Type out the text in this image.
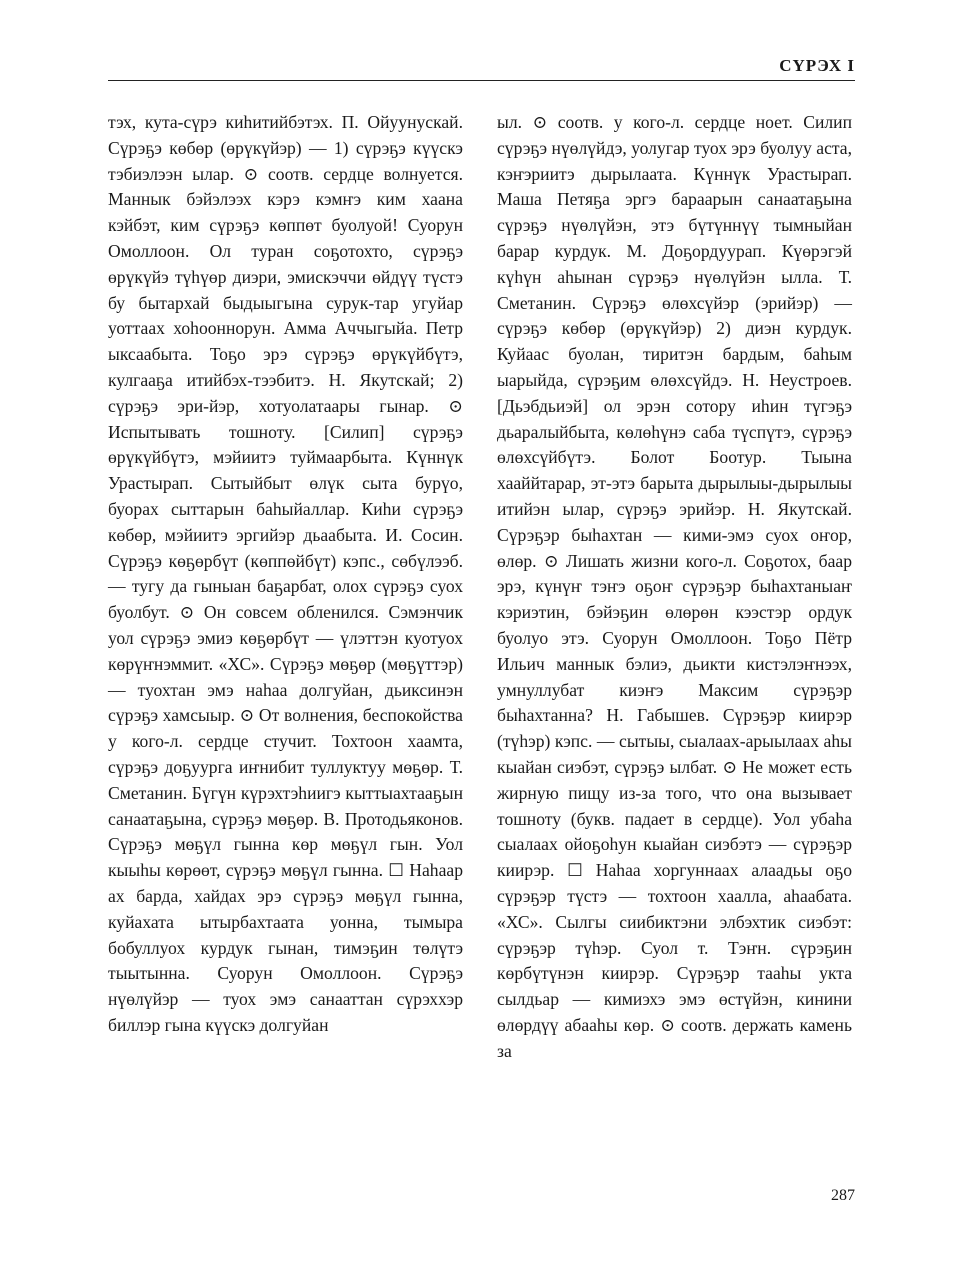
СҮРЭХ I

тэх, кута-сүрэ киһитийбэтэх. П. Ойуунускай. Сүрэҕэ көбөр (өрүкүйэр) — 1) сүрэҕэ күүскэ тэбиэлээн ылар. ⊙ соотв. сердце волнуется. Маннык бэйэлээх кэрэ кэмҥэ ким хаана кэйбэт, ким сүрэҕэ көппөт буолуой! Суорун Омоллоон. Ол туран соҕотохто, сүрэҕэ өрүкүйэ түһүөр диэри, эмискэччи өйдүү түстэ бу бытархай быдыыгына сурук-тар угуйар уоттаах хоһооннорун. Амма Аччыгыйа. Петр ыксаабыта. Тоҕо эрэ сүрэҕэ өрүкүйбүтэ, кулгааҕа итийбэх-тээбитэ. Н. Якутскай; 2) сүрэҕэ эри-йэр, хотуолатаары гынар. ⊙ Испытывать тошноту. [Силип] сүрэҕэ өрүкүйбүтэ, мэйиитэ туймаарбыта. Күннүк Урастырап. Сытыйбыт өлүк сыта бурүо, буорах сыттарын баһыйаллар. Киһи сүрэҕэ көбөр, мэйиитэ эргийэр дьаабыта. И. Сосин. Сүрэҕэ көҕөрбүт (көппөйбүт) кэпс., сөбүлээб. — тугу да гыныан баҕарбат, олох сүрэҕэ суох буолбут. ⊙ Он совсем обленился. Сэмэнчик уол сүрэҕэ эмиэ көҕөрбүт — үлэттэн куотуох көрүҥнэммит. «ХС». Сүрэҕэ мөҕөр (мөҕүттэр) — туохтан эмэ наһаа долгуйан, дьиксинэн сүрэҕэ хамсыыр. ⊙ От волнения, беспокойства у кого-л. сердце стучит. Тохтоон хаамта, сүрэҕэ доҕуурга иҥнибит туллуктуу мөҕөр. Т. Сметанин. Бүгүн күрэхтэһиигэ кыттыахтааҕын санаатаҕына, сүрэҕэ мөҕөр. В. Протодьяконов. Сүрэҕэ мөҕүл гынна көр мөҕүл гын. Уол кыыһы көрөөт, сүрэҕэ мөҕүл гынна. ☐ Наһаар ах барда, хайдах эрэ сүрэҕэ мөҕүл гынна, куйахата ытырбахтаата уонна, тымыра бобуллуох курдук гынан, тимэҕин төлүтэ тыытынна. Суорун Омоллоон. Сүрэҕэ нүөлүйэр — туох эмэ санааттан сүрэххэр биллэр гына күүскэ долгуйан

ыл. ⊙ соотв. у кого-л. сердце ноет. Силип сүрэҕэ нүөлүйдэ, уолугар туох эрэ буолуу аста, кэҥэриитэ дырылаата. Күннүк Урастырап. Маша Петяҕа эргэ бараарын санаатаҕына сүрэҕэ нүөлүйэн, этэ бүтүннүү тымныйан барар курдук. М. Доҕордуурап. Күөрэгэй күһүн аһынан сүрэҕэ нүөлүйэн ылла. Т. Сметанин. Сүрэҕэ өлөхсүйэр (эрийэр) — сүрэҕэ көбөр (өрүкүйэр) 2) диэн курдук. Куйаас буолан, тиритэн бардым, баһым ыарыйда, сүрэҕим өлөхсүйдэ. Н. Неустроев. [Дьэбдьиэй] ол эрэн сотору иһин түгэҕэ дьаралыйбыта, көлөһүнэ саба түспүтэ, сүрэҕэ өлөхсүйбүтэ. Болот Боотур. Тыына хааййтарар, эт-этэ барыта дырылыы-дырылыы итийэн ылар, сүрэҕэ эрийэр. Н. Якутскай. Сүрэҕэр быһахтан — кими-эмэ суох оҥор, өлөр. ⊙ Лишать жизни кого-л. Соҕотох, баар эрэ, күнүҥ тэҥэ оҕоҥ сүрэҕэр быһахтаныаҥ кэриэтин, бэйэҕин өлөрөн кээстэр ордук буолуо этэ. Суорун Омоллоон. Тоҕо Пётр Ильич маннык бэлиэ, дьикти кистэлэҥнээх, умнуллубат киэҥэ Максим сүрэҕэр быһахтанна? Н. Габышев. Сүрэҕэр киирэр (түһэр) кэпс. — сытыы, сыалаах-арыылаах аһы кыайан сиэбэт, сүрэҕэ ылбат. ⊙ Не может есть жирную пищу из-за того, что она вызывает тошноту (букв. падает в сердце). Уол убаһа сыалаах ойоҕоһун кыайан сиэбэтэ — сүрэҕэр киирэр. ☐ Наһаа хоргуннаах алаадьы оҕо сүрэҕэр түстэ — тохтоон хаалла, аһаабата. «ХС». Сылгы сиибиктэни элбэхтик сиэбэт: сүрэҕэр түһэр. Суол т. Тэҥн. сүрэҕин көрбүтүнэн киирэр. Сүрэҕэр тааһы укта сылдьар — кимиэхэ эмэ өстүйэн, кинини өлөрдүү абааһы көр. ⊙ соотв. держать камень за

287
